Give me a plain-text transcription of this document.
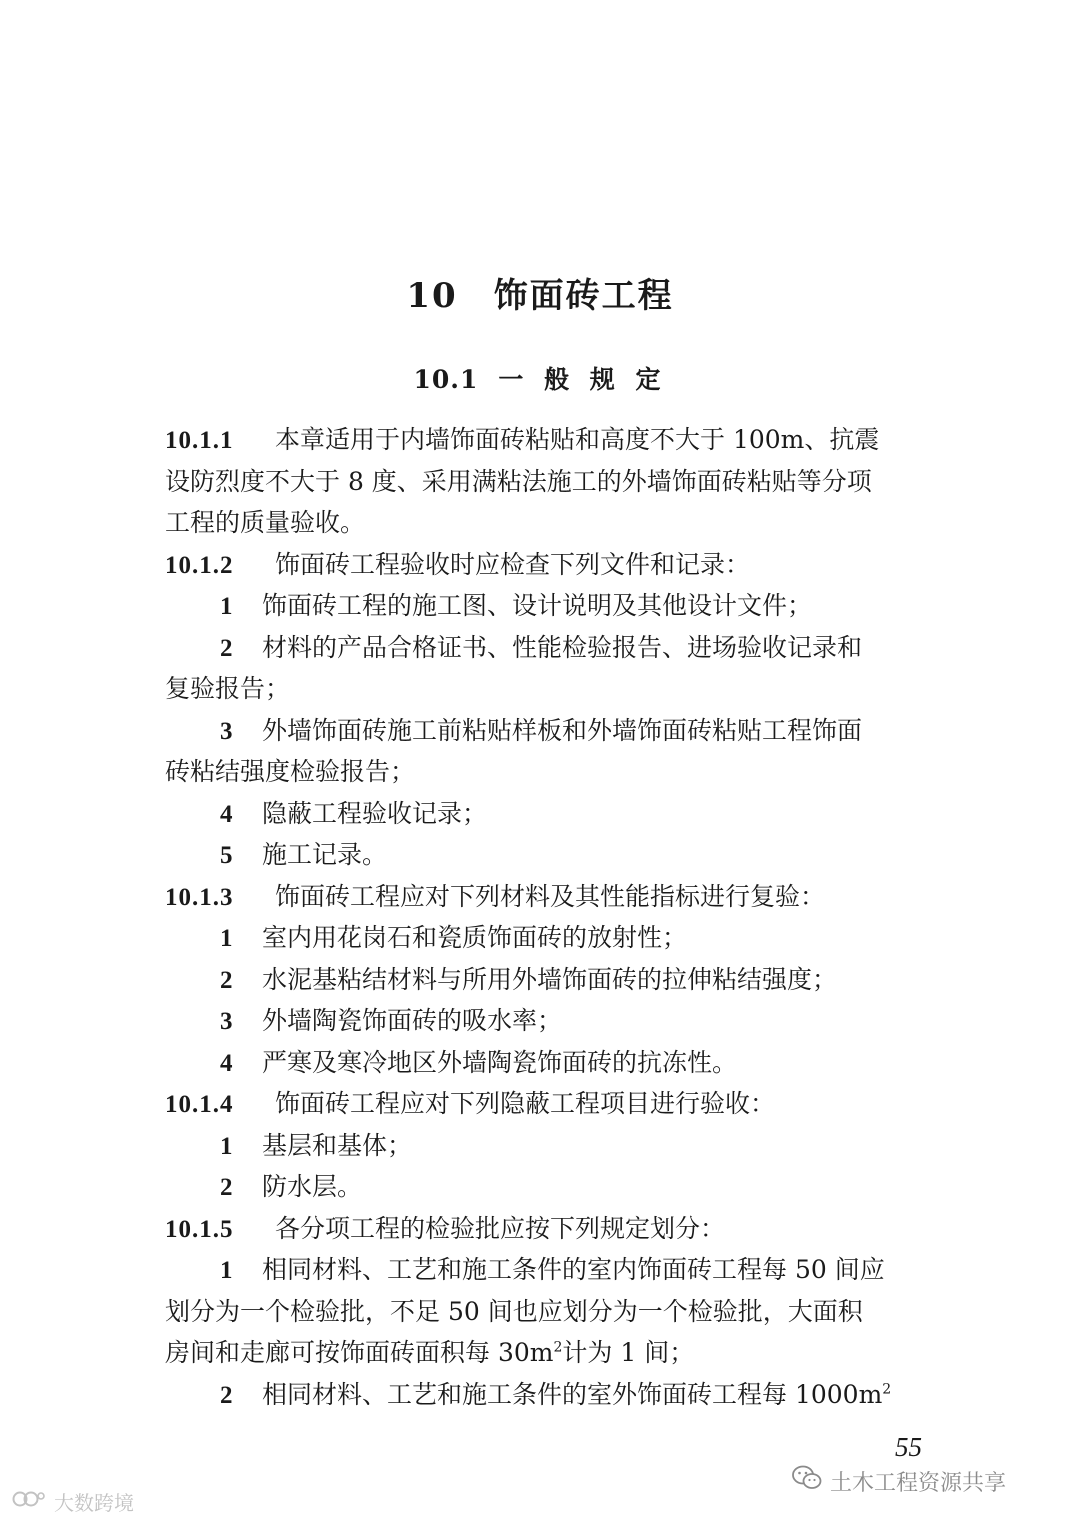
10 饰面砖工程
10.1 一 般 规 定
10.1.1 本章适用于内墙饰面砖粘贴和高度不大于 100m、抗震
设防烈度不大于 8 度、采用满粘法施工的外墙饰面砖粘贴等分项
工程的质量验收。
10.1.2 饰面砖工程验收时应检查下列文件和记录：
1 饰面砖工程的施工图、设计说明及其他设计文件；
2 材料的产品合格证书、性能检验报告、进场验收记录和
复验报告；
3 外墙饰面砖施工前粘贴样板和外墙饰面砖粘贴工程饰面
砖粘结强度检验报告；
4 隐蔽工程验收记录；
5 施工记录。
10.1.3 饰面砖工程应对下列材料及其性能指标进行复验：
1 室内用花岗石和瓷质饰面砖的放射性；
2 水泥基粘结材料与所用外墙饰面砖的拉伸粘结强度；
3 外墙陶瓷饰面砖的吸水率；
4 严寒及寒冷地区外墙陶瓷饰面砖的抗冻性。
10.1.4 饰面砖工程应对下列隐蔽工程项目进行验收：
1 基层和基体；
2 防水层。
10.1.5 各分项工程的检验批应按下列规定划分：
1 相同材料、工艺和施工条件的室内饰面砖工程每 50 间应
划分为一个检验批，不足 50 间也应划分为一个检验批，大面积
房间和走廊可按饰面砖面积每 $30m^2$计为 1 间；
2 相同材料、工艺和施工条件的室外饰面砖工程每 $1000m^2$
55
土木工程资源共享
大数跨境
